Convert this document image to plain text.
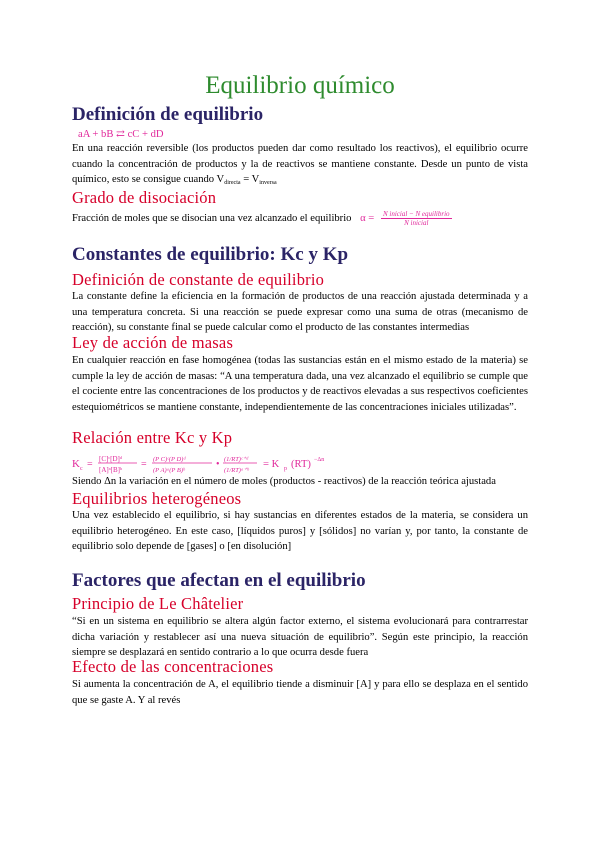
Equilibrio químico
Definición de equilibrio
aA + bB ⇄ cC + dD

En una reacción reversible (los productos pueden dar como resultado los reactivos), el equilibrio ocurre cuando la concentración de productos y la de reactivos se mantiene constante. Desde un punto de vista químico, esto se consigue cuando $V_{directa} = V_{inversa}$

Grado de disociación
Fracción de moles que se disocian una vez alcanzado el equilibrio $\alpha = \frac{\text{N inicial − N equilibrio}}{\text{N inicial}}$
Constantes de equilibrio: Kc y Kp
Definición de constante de equilibrio

La constante define la eficiencia en la formación de productos de una reacción ajustada determinada y a una temperatura concreta. Si una reacción se puede expresar como una suma de otras (mecanismo de reacción), su constante final se puede calcular como el producto de las constantes intermedias

Ley de acción de masas

En cualquier reacción en fase homogénea (todas las sustancias están en el mismo estado de la materia) se cumple la ley de acción de masas: “A una temperatura dada, una vez alcanzado el equilibrio se cumple que el cociente entre las concentraciones de los productos y de reactivos elevadas a sus respectivos coeficientes estequiométricos se mantiene constante, independientemente de las concentraciones iniciales utilizadas”.

Relación entre Kc y Kp
K c = [C]ᶜ[D]ᵈ
[A]ᵃ[B]ᵇ = (P C)ᶜ(P D)ᵈ
(P A)ᵃ(P B)ᵇ
• (1/RT)ᶜ⁺ᵈ
(1/RT)ᵃ⁺ᵇ
= K p (RT) −Δn

Siendo Δn la variación en el número de moles (productos - reactivos) de la reacción teórica ajustada

Equilibrios heterogéneos

Una vez establecido el equilibrio, si hay sustancias en diferentes estados de la materia, se considera un equilibrio heterogéneo. En este caso, [líquidos puros] y [sólidos] no varían y, por tanto, la constante de equilibrio solo depende de [gases] o [en disolución]

Factores que afectan en el equilibrio
Principio de Le Châtelier

“Si en un sistema en equilibrio se altera algún factor externo, el sistema evolucionará para contrarrestar dicha variación y restablecer así una nueva situación de equilibrio”. Según este principio, la reacción siempre se desplazará en sentido contrario a lo que ocurra desde fuera

Efecto de las concentraciones

Si aumenta la concentración de A, el equilibrio tiende a disminuir [A] y para ello se desplaza en el sentido que se gaste A. Y al revés
